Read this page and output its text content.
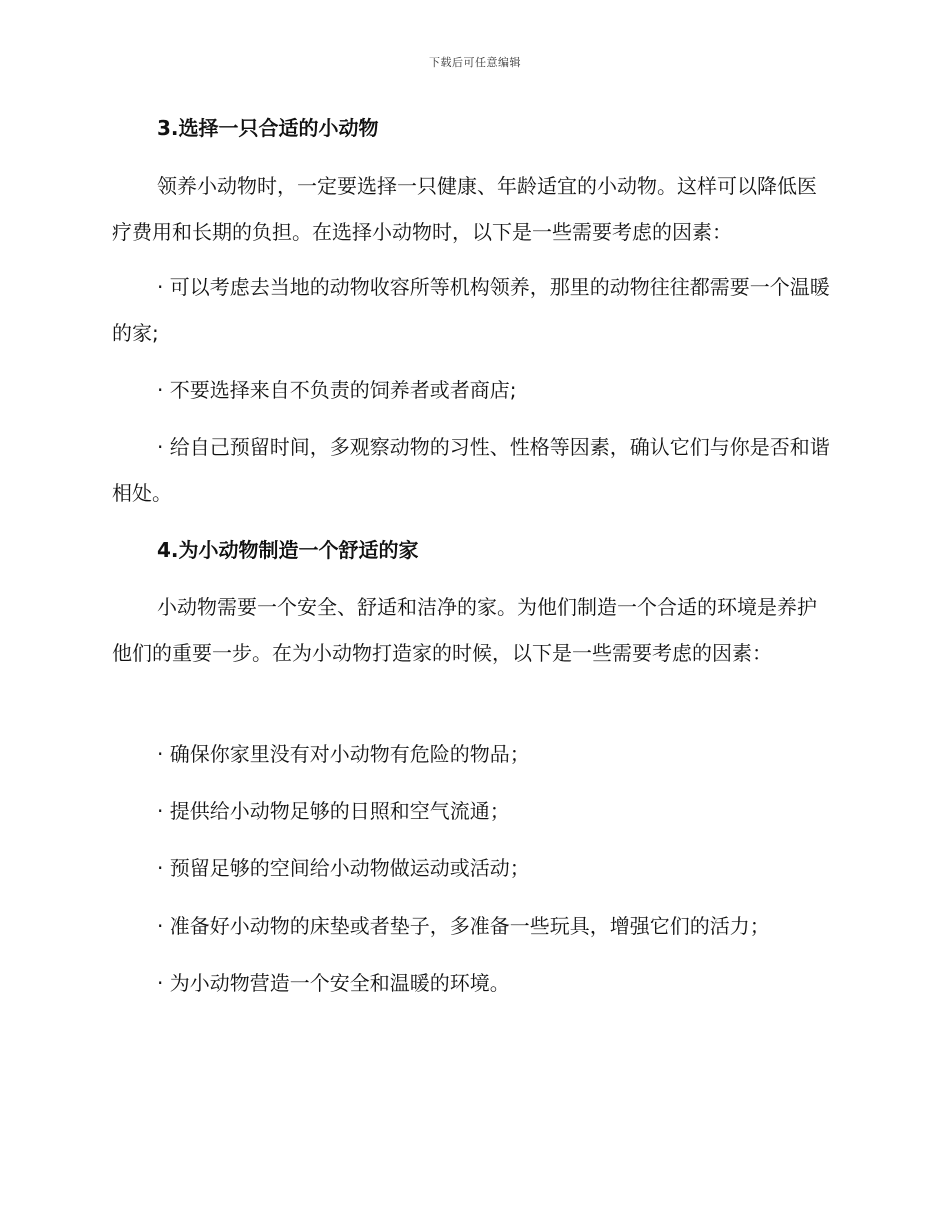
下载后可任意编辑
3.选择一只合适的小动物

领养小动物时，一定要选择一只健康、年龄适宜的小动物。这样可以降低医疗费用和长期的负担。在选择小动物时，以下是一些需要考虑的因素：

· 可以考虑去当地的动物收容所等机构领养，那里的动物往往都需要一个温暖的家;

· 不要选择来自不负责的饲养者或者商店;

· 给自己预留时间，多观察动物的习性、性格等因素，确认它们与你是否和谐相处。

4.为小动物制造一个舒适的家

小动物需要一个安全、舒适和洁净的家。为他们制造一个合适的环境是养护他们的重要一步。在为小动物打造家的时候，以下是一些需要考虑的因素：

· 确保你家里没有对小动物有危险的物品；

· 提供给小动物足够的日照和空气流通；

· 预留足够的空间给小动物做运动或活动；

· 准备好小动物的床垫或者垫子，多准备一些玩具，增强它们的活力；

· 为小动物营造一个安全和温暖的环境。
